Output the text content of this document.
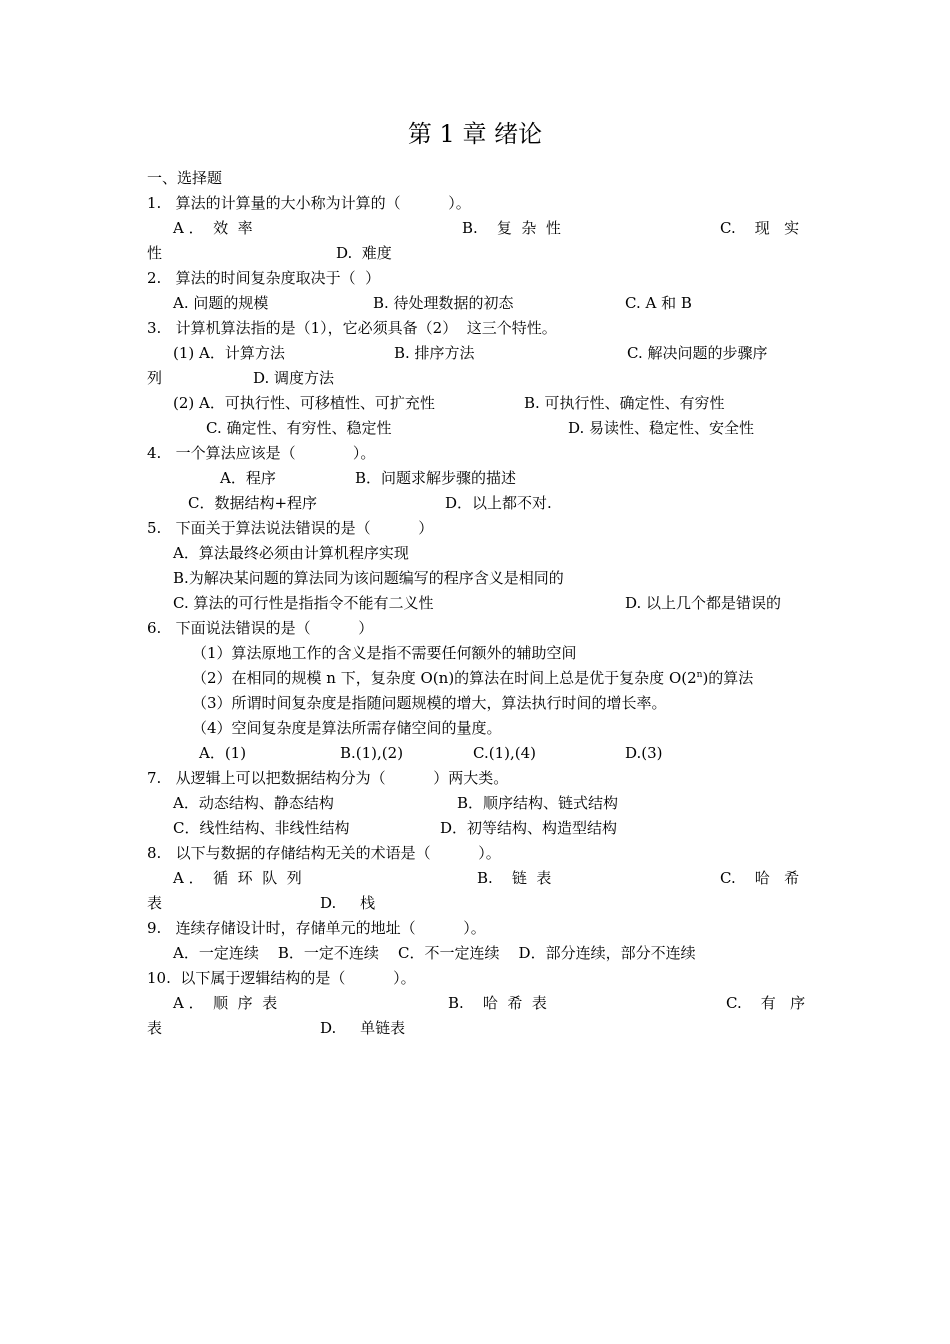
第 1 章 绪论
一、选择题
1.   算法的计算量的大小称为计算的（          ）。
A ．  效  率	B.    复  杂  性	C.    现   实
性	D.  难度
2.   算法的时间复杂度取决于（  ）
A. 问题的规模	B. 待处理数据的初态	C. A 和 B
3.   计算机算法指的是（1），它必须具备（2）  这三个特性。
(1) A．计算方法	B. 排序方法	C. 解决问题的步骤序
列	D. 调度方法
(2) A．可执行性、可移植性、可扩充性	B. 可执行性、确定性、有穷性
C. 确定性、有穷性、稳定性	D. 易读性、稳定性、安全性
4.   一个算法应该是（            ）。
A．程序	B．问题求解步骤的描述
C．数据结构+程序	D．以上都不对.
5.   下面关于算法说法错误的是（          ）
A．算法最终必须由计算机程序实现
B.为解决某问题的算法同为该问题编写的程序含义是相同的
C. 算法的可行性是指指令不能有二义性	D. 以上几个都是错误的
6.   下面说法错误的是（          ）
（1）算法原地工作的含义是指不需要任何额外的辅助空间
（2）在相同的规模 n 下，复杂度 O(n)的算法在时间上总是优于复杂度 O(2$^n$)的算法
（3）所谓时间复杂度是指随问题规模的增大，算法执行时间的增长率。
（4）空间复杂度是算法所需存储空间的量度。
A．(1)	B.(1),(2)	C.(1),(4)	D.(3)
7.   从逻辑上可以把数据结构分为（          ）两大类。
A．动态结构、静态结构	B．顺序结构、链式结构
C．线性结构、非线性结构	D．初等结构、构造型结构
8.   以下与数据的存储结构无关的术语是（          ）。
A ．  循  环  队  列	B.    链  表	C.    哈   希
表	D.     栈
9.   连续存储设计时，存储单元的地址（          ）。
A．一定连续    B．一定不连续    C．不一定连续    D．部分连续，部分不连续
10.  以下属于逻辑结构的是（          ）。
A ．  顺  序  表	B.    哈  希  表	C.    有   序
表	D.     单链表
